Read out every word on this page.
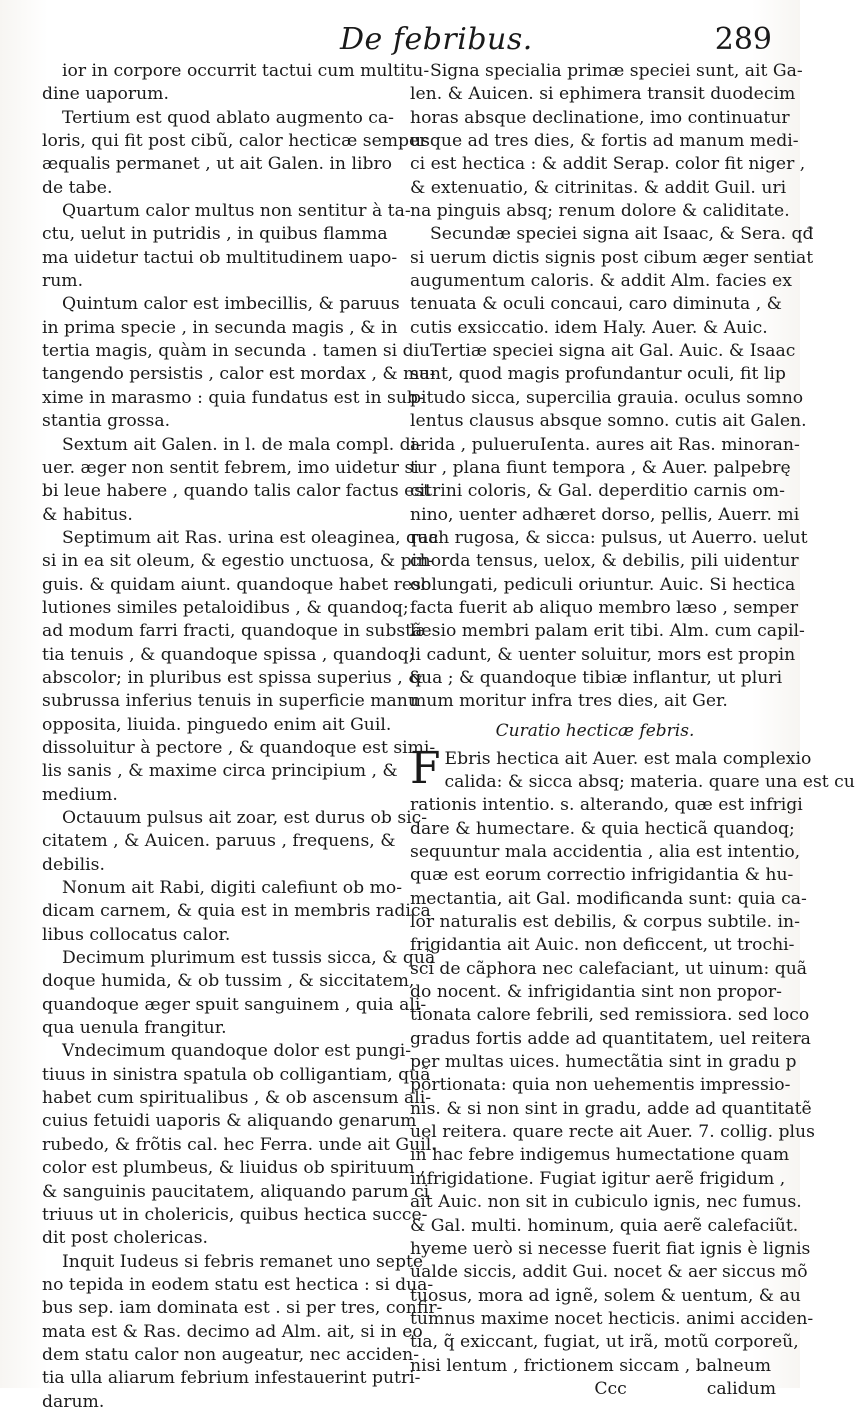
De febribus.	289
ior in corpore occurrit tactui cum multitu-
dine uaporum.
Tertium est quod ablato augmento ca-
loris, qui fit post cibũ, calor hecticæ semper
æqualis permanet , ut ait Galen. in libro
de tabe.
Quartum calor multus non sentitur à ta-
ctu, uelut in putridis , in quibus flamma
ma uidetur tactui ob multitudinem uapo-
rum.
Quintum calor est imbecillis, & paruus
in prima specie , in secunda magis , & in
tertia magis, quàm in secunda . tamen si diu
tangendo persistis , calor est mordax , & ma-
xime in marasmo : quia fundatus est in sub-
stantia grossa.
Sextum ait Galen. in l. de mala compl. di-
uer. æger non sentit febrem, imo uidetur si
bi leue habere , quando talis calor factus est
& habitus.
Septimum ait Ras. urina est oleaginea, qua
si in ea sit oleum, & egestio unctuosa, & pin-
guis. & quidam aiunt. quandoque habet reso
lutiones similes petaloidibus , & quandoq;
ad modum farri fracti, quandoque in substã
tia tenuis , & quandoque spissa , quandoq;
abscolor; in pluribus est spissa superius , &
subrussa inferius tenuis in superficie manu
opposita, liuida. pinguedo enim ait Guil.
dissoluitur à pectore , & quandoque est simi-
lis sanis , & maxime circa principium , &
medium.
Octauum pulsus ait zoar, est durus ob sic-
citatem , & Auicen. paruus , frequens, &
debilis.
Nonum ait Rabi, digiti calefiunt ob mo-
dicam carnem, & quia est in membris radica
libus collocatus calor.
Decimum plurimum est tussis sicca, & quã
doque humida, & ob tussim , & siccitatem,
quandoque æger spuit sanguinem , quia ali-
qua uenula frangitur.
Vndecimum quandoque dolor est pungi-
tiuus in sinistra spatula ob colligantiam, quã
habet cum spiritualibus , & ob ascensum ali-
cuius fetuidi uaporis & aliquando genarum
rubedo, & frõtis cal. hec Ferra. unde ait Guil.
color est plumbeus, & liuidus ob spirituum ,
& sanguinis paucitatem, aliquando parum ci
triuus ut in cholericis, quibus hectica succe-
dit post cholericas.
Inquit Iudeus si febris remanet uno septe
no tepida in eodem statu est hectica : si dua-
bus sep. iam dominata est . si per tres, confir-
mata est & Ras. decimo ad Alm. ait, si in eo
dem statu calor non augeatur, nec acciden-
tia ulla aliarum febrium infestauerint putri-
darum.
Signa specialia primæ speciei sunt, ait Ga-
len. & Auicen. si ephimera transit duodecim
horas absque declinatione, imo continuatur
usque ad tres dies, & fortis ad manum medi-
ci est hectica : & addit Serap. color fit niger ,
& extenuatio, & citrinitas. & addit Guil. uri
na pinguis absq; renum dolore & caliditate.
Secundæ speciei signa ait Isaac, & Sera. qđ
si uerum dictis signis post cibum æger sentiat
augumentum caloris. & addit Alm. facies ex
tenuata & oculi concaui, caro diminuta , &
cutis exsiccatio. idem Haly. Auer. & Auic.
Tertiæ speciei signa ait Gal. Auic. & Isaac
sunt, quod magis profundantur oculi, fit lip
pitudo sicca, supercilia grauia. oculus somno
lentus clausus absque somno. cutis ait Galen.
arida , pulueruIenta. aures ait Ras. minoran-
tur , plana fiunt tempora , & Auer. palpebrę
citrini coloris, & Gal. deperditio carnis om-
nino, uenter adhæret dorso, pellis, Auerr. mi
rach rugosa, & sicca: pulsus, ut Auerro. uelut
chorda tensus, uelox, & debilis, pili uidentur
oblungati, pediculi oriuntur. Auic. Si hectica
facta fuerit ab aliquo membro læso , semper
læsio membri palam erit tibi. Alm. cum capil-
li cadunt, & uenter soluitur, mors est propin
qua ; & quandoque tibiæ inflantur, ut pluri
mum moritur infra tres dies, ait Ger.
Curatio hecticæ febris.
F Ebris hectica ait Auer. est mala complexio
calida: & sicca absq; materia. quare una est cu
rationis intentio. s. alterando, quæ est infrigi
dare & humectare. & quia hecticã quandoq;
sequuntur mala accidentia , alia est intentio,
quæ est eorum correctio infrigidantia & hu-
mectantia, ait Gal. modificanda sunt: quia ca-
lor naturalis est debilis, & corpus subtile. in-
frigidantia ait Auic. non deficcent, ut trochi-
sci de cãphora nec calefaciant, ut uinum: quã
do nocent. & infrigidantia sint non propor-
tionata calore febrili, sed remissiora. sed loco
gradus fortis adde ad quantitatem, uel reitera
per multas uices. humectãtia sint in gradu p
portionata: quia non uehementis impressio-
nis. & si non sint in gradu, adde ad quantitatẽ
uel reitera. quare recte ait Auer. 7. collig. plus
in hac febre indigemus humectatione quam
infrigidatione. Fugiat igitur aerẽ frigidum ,
ait Auic. non sit in cubiculo ignis, nec fumus.
& Gal. multi. hominum, quia aerẽ calefaciũt.
hyeme uerò si necesse fuerit fiat ignis è lignis
ualde siccis, addit Gui. nocet & aer siccus mõ
tuosus, mora ad ignẽ, solem & uentum, & au
tumnus maxime nocet hecticis. animi acciden-
tia, q̃ exiccant, fugiat, ut irã, motũ corporeũ,
nisi lentum , frictionem siccam , balneum
Ccc	calidum
